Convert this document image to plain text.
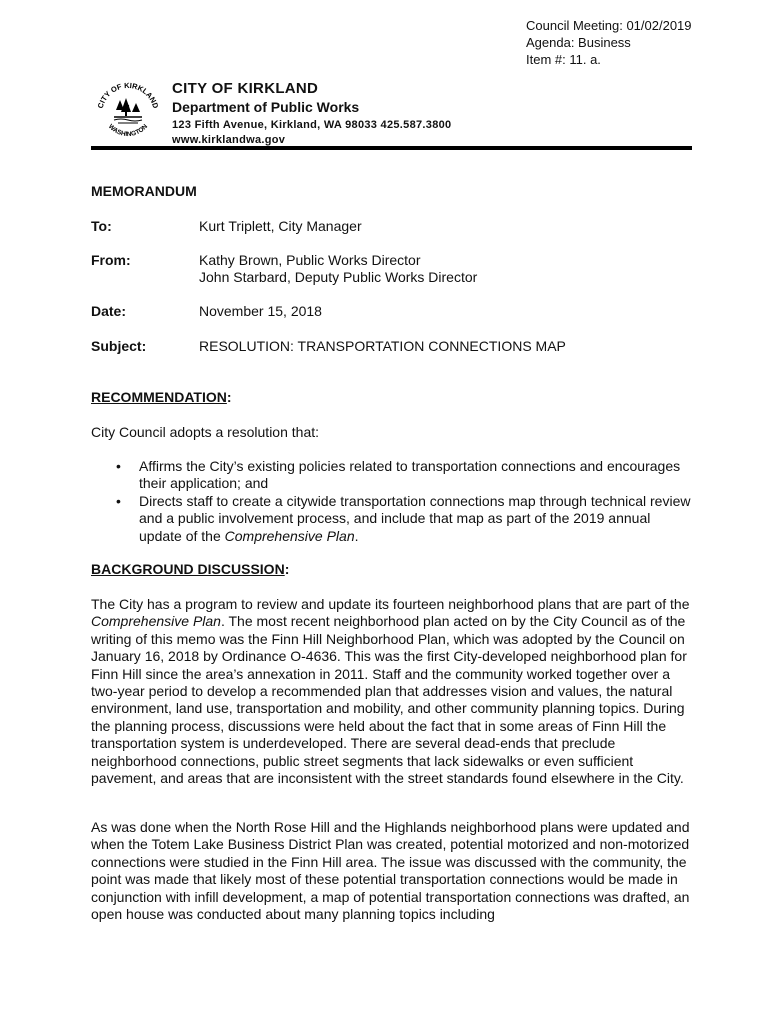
Council Meeting: 01/02/2019
Agenda: Business
Item #: 11. a.
CITY OF KIRKLAND
WASHINGTON
CITY OF KIRKLAND
Department of Public Works
123 Fifth Avenue, Kirkland, WA 98033 425.587.3800
www.kirklandwa.gov
MEMORANDUM
To:	Kurt Triplett, City Manager
From:	Kathy Brown, Public Works Director
John Starbard, Deputy Public Works Director
Date:	November 15, 2018
Subject:	RESOLUTION: TRANSPORTATION CONNECTIONS MAP
RECOMMENDATION:
City Council adopts a resolution that:
• Affirms the City’s existing policies related to transportation connections and encourages their application; and
• Directs staff to create a citywide transportation connections map through technical review and a public involvement process, and include that map as part of the 2019 annual update of the Comprehensive Plan.
BACKGROUND DISCUSSION:
The City has a program to review and update its fourteen neighborhood plans that are part of the Comprehensive Plan. The most recent neighborhood plan acted on by the City Council as of the writing of this memo was the Finn Hill Neighborhood Plan, which was adopted by the Council on January 16, 2018 by Ordinance O-4636. This was the first City-developed neighborhood plan for Finn Hill since the area’s annexation in 2011. Staff and the community worked together over a two-year period to develop a recommended plan that addresses vision and values, the natural environment, land use, transportation and mobility, and other community planning topics. During the planning process, discussions were held about the fact that in some areas of Finn Hill the transportation system is underdeveloped. There are several dead-ends that preclude neighborhood connections, public street segments that lack sidewalks or even sufficient pavement, and areas that are inconsistent with the street standards found elsewhere in the City.
As was done when the North Rose Hill and the Highlands neighborhood plans were updated and when the Totem Lake Business District Plan was created, potential motorized and non-motorized connections were studied in the Finn Hill area. The issue was discussed with the community, the point was made that likely most of these potential transportation connections would be made in conjunction with infill development, a map of potential transportation connections was drafted, an open house was conducted about many planning topics including
